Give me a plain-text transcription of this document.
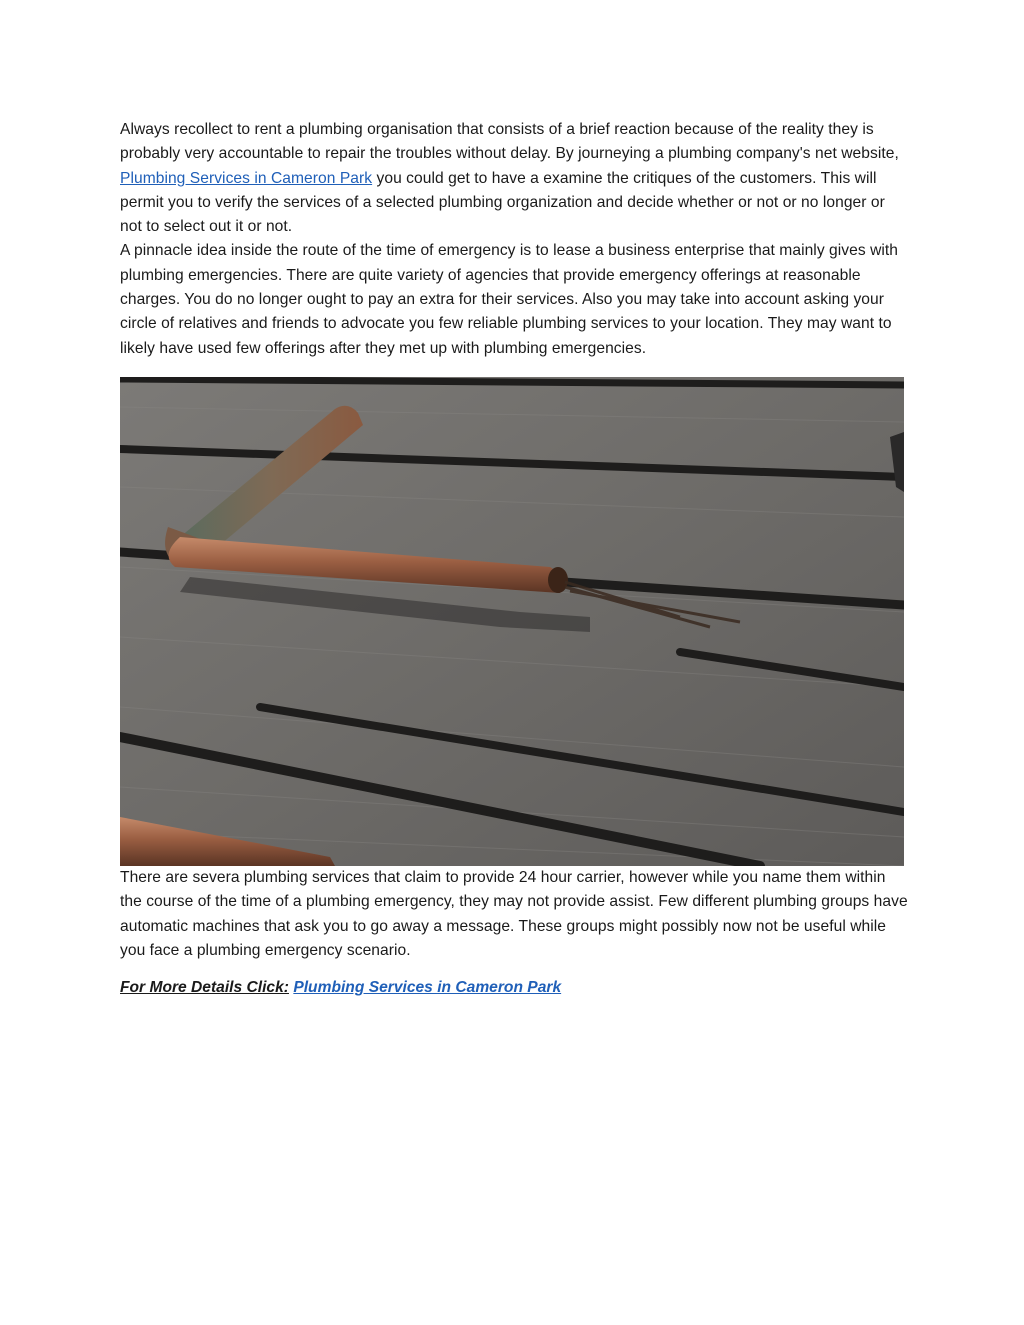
Always recollect to rent a plumbing organisation that consists of a brief reaction because of the reality they is probably very accountable to repair the troubles without delay. By journeying a plumbing company's net website, Plumbing Services in Cameron Park you could get to have a examine the critiques of the customers. This will permit you to verify the services of a selected plumbing organization and decide whether or not or no longer or not to select out it or not.

A pinnacle idea inside the route of the time of emergency is to lease a business enterprise that mainly gives with plumbing emergencies. There are quite variety of agencies that provide emergency offerings at reasonable charges. You do no longer ought to pay an extra for their services. Also you may take into account asking your circle of relatives and friends to advocate you few reliable plumbing services to your location. They may want to likely have used few offerings after they met up with plumbing emergencies.

There are severa plumbing services that claim to provide 24 hour carrier, however while you name them within the course of the time of a plumbing emergency, they may not provide assist. Few different plumbing groups have automatic machines that ask you to go away a message. These groups might possibly now not be useful while you face a plumbing emergency scenario.

For More Details Click: Plumbing Services in Cameron Park
